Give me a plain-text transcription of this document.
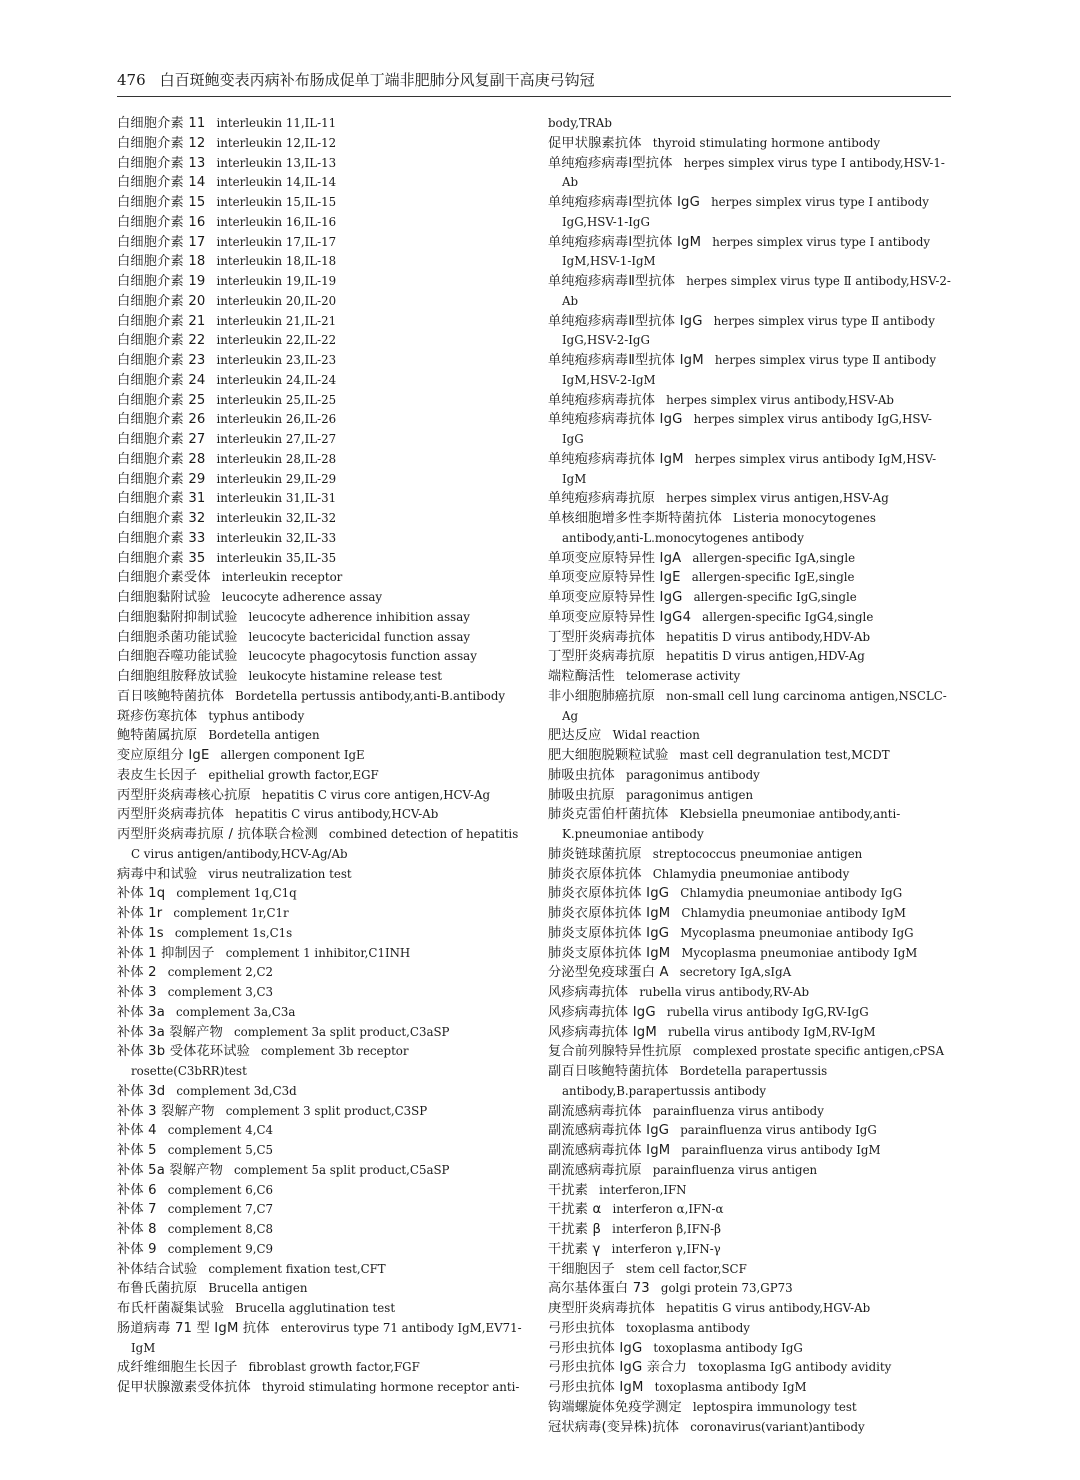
476 白百斑鲍变表丙病补布肠成促单丁端非肥肺分风复副干高庚弓钩冠
白细胞介素 11 interleukin 11,IL-11
白细胞介素 12 interleukin 12,IL-12
白细胞介素 13 interleukin 13,IL-13
白细胞介素 14 interleukin 14,IL-14
白细胞介素 15 interleukin 15,IL-15
白细胞介素 16 interleukin 16,IL-16
白细胞介素 17 interleukin 17,IL-17
白细胞介素 18 interleukin 18,IL-18
白细胞介素 19 interleukin 19,IL-19
白细胞介素 20 interleukin 20,IL-20
白细胞介素 21 interleukin 21,IL-21
白细胞介素 22 interleukin 22,IL-22
白细胞介素 23 interleukin 23,IL-23
白细胞介素 24 interleukin 24,IL-24
白细胞介素 25 interleukin 25,IL-25
白细胞介素 26 interleukin 26,IL-26
白细胞介素 27 interleukin 27,IL-27
白细胞介素 28 interleukin 28,IL-28
白细胞介素 29 interleukin 29,IL-29
白细胞介素 31 interleukin 31,IL-31
白细胞介素 32 interleukin 32,IL-32
白细胞介素 33 interleukin 32,IL-33
白细胞介素 35 interleukin 35,IL-35
白细胞介素受体 interleukin receptor
白细胞黏附试验 leucocyte adherence assay
白细胞黏附抑制试验 leucocyte adherence inhibition assay
白细胞杀菌功能试验 leucocyte bactericidal function assay
白细胞吞噬功能试验 leucocyte phagocytosis function assay
白细胞组胺释放试验 leukocyte histamine release test
百日咳鲍特菌抗体 Bordetella pertussis antibody,anti-B.antibody
斑疹伤寒抗体 typhus antibody
鲍特菌属抗原 Bordetella antigen
变应原组分 IgE allergen component IgE
表皮生长因子 epithelial growth factor,EGF
丙型肝炎病毒核心抗原 hepatitis C virus core antigen,HCV-Ag
丙型肝炎病毒抗体 hepatitis C virus antibody,HCV-Ab
丙型肝炎病毒抗原 / 抗体联合检测 combined detection of hepatitis C virus antigen/antibody,HCV-Ag/Ab
病毒中和试验 virus neutralization test
补体 1q complement 1q,C1q
补体 1r complement 1r,C1r
补体 1s complement 1s,C1s
补体 1 抑制因子 complement 1 inhibitor,C1INH
补体 2 complement 2,C2
补体 3 complement 3,C3
补体 3a complement 3a,C3a
补体 3a 裂解产物 complement 3a split product,C3aSP
补体 3b 受体花环试验 complement 3b receptor rosette(C3bRR)test
补体 3d complement 3d,C3d
补体 3 裂解产物 complement 3 split product,C3SP
补体 4 complement 4,C4
补体 5 complement 5,C5
补体 5a 裂解产物 complement 5a split product,C5aSP
补体 6 complement 6,C6
补体 7 complement 7,C7
补体 8 complement 8,C8
补体 9 complement 9,C9
补体结合试验 complement fixation test,CFT
布鲁氏菌抗原 Brucella antigen
布氏杆菌凝集试验 Brucella agglutination test
肠道病毒 71 型 IgM 抗体 enterovirus type 71 antibody IgM,EV71-IgM
成纤维细胞生长因子 fibroblast growth factor,FGF
促甲状腺激素受体抗体 thyroid stimulating hormone receptor anti-
body,TRAb
促甲状腺素抗体 thyroid stimulating hormone antibody
单纯疱疹病毒Ⅰ型抗体 herpes simplex virus type Ⅰ antibody,HSV-1-Ab
单纯疱疹病毒Ⅰ型抗体 IgG herpes simplex virus type Ⅰ antibody IgG,HSV-1-IgG
单纯疱疹病毒Ⅰ型抗体 IgM herpes simplex virus type Ⅰ antibody IgM,HSV-1-IgM
单纯疱疹病毒Ⅱ型抗体 herpes simplex virus type Ⅱ antibody,HSV-2-Ab
单纯疱疹病毒Ⅱ型抗体 IgG herpes simplex virus type Ⅱ antibody IgG,HSV-2-IgG
单纯疱疹病毒Ⅱ型抗体 IgM herpes simplex virus type Ⅱ antibody IgM,HSV-2-IgM
单纯疱疹病毒抗体 herpes simplex virus antibody,HSV-Ab
单纯疱疹病毒抗体 IgG herpes simplex virus antibody IgG,HSV-IgG
单纯疱疹病毒抗体 IgM herpes simplex virus antibody IgM,HSV-IgM
单纯疱疹病毒抗原 herpes simplex virus antigen,HSV-Ag
单核细胞增多性李斯特菌抗体 Listeria monocytogenes antibody,anti-L.monocytogenes antibody
单项变应原特异性 IgA allergen-specific IgA,single
单项变应原特异性 IgE allergen-specific IgE,single
单项变应原特异性 IgG allergen-specific IgG,single
单项变应原特异性 IgG4 allergen-specific IgG4,single
丁型肝炎病毒抗体 hepatitis D virus antibody,HDV-Ab
丁型肝炎病毒抗原 hepatitis D virus antigen,HDV-Ag
端粒酶活性 telomerase activity
非小细胞肺癌抗原 non-small cell lung carcinoma antigen,NSCLC-Ag
肥达反应 Widal reaction
肥大细胞脱颗粒试验 mast cell degranulation test,MCDT
肺吸虫抗体 paragonimus antibody
肺吸虫抗原 paragonimus antigen
肺炎克雷伯杆菌抗体 Klebsiella pneumoniae antibody,anti-K.pneumoniae antibody
肺炎链球菌抗原 streptococcus pneumoniae antigen
肺炎衣原体抗体 Chlamydia pneumoniae antibody
肺炎衣原体抗体 IgG Chlamydia pneumoniae antibody IgG
肺炎衣原体抗体 IgM Chlamydia pneumoniae antibody IgM
肺炎支原体抗体 IgG Mycoplasma pneumoniae antibody IgG
肺炎支原体抗体 IgM Mycoplasma pneumoniae antibody IgM
分泌型免疫球蛋白 A secretory IgA,sIgA
风疹病毒抗体 rubella virus antibody,RV-Ab
风疹病毒抗体 IgG rubella virus antibody IgG,RV-IgG
风疹病毒抗体 IgM rubella virus antibody IgM,RV-IgM
复合前列腺特异性抗原 complexed prostate specific antigen,cPSA
副百日咳鲍特菌抗体 Bordetella parapertussis antibody,B.parapertussis antibody
副流感病毒抗体 parainfluenza virus antibody
副流感病毒抗体 IgG parainfluenza virus antibody IgG
副流感病毒抗体 IgM parainfluenza virus antibody IgM
副流感病毒抗原 parainfluenza virus antigen
干扰素 interferon,IFN
干扰素 α interferon α,IFN-α
干扰素 β interferon β,IFN-β
干扰素 γ interferon γ,IFN-γ
干细胞因子 stem cell factor,SCF
高尔基体蛋白 73 golgi protein 73,GP73
庚型肝炎病毒抗体 hepatitis G virus antibody,HGV-Ab
弓形虫抗体 toxoplasma antibody
弓形虫抗体 IgG toxoplasma antibody IgG
弓形虫抗体 IgG 亲合力 toxoplasma IgG antibody avidity
弓形虫抗体 IgM toxoplasma antibody IgM
钩端螺旋体免疫学测定 leptospira immunology test
冠状病毒(变异株)抗体 coronavirus(variant)antibody
